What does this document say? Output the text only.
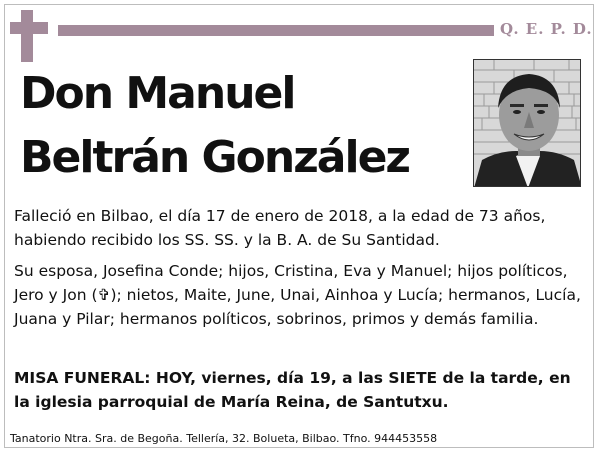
Q. E. P. D.
Don Manuel
Beltrán González
Falleció en Bilbao, el día 17 de enero de 2018, a la edad de 73 años, habiendo recibido los SS. SS. y la B. A. de Su Santidad.
Su esposa, Josefina Conde; hijos, Cristina, Eva y Manuel; hijos políticos, Jero y Jon (✞); nietos, Maite, June, Unai, Ainhoa y Lucía; hermanos, Lucía, Juana y Pilar; hermanos políticos, sobrinos, primos y demás familia.
MISA FUNERAL: HOY, viernes, día 19, a las SIETE de la tarde, en la iglesia parroquial de María Reina, de Santutxu.
Tanatorio Ntra. Sra. de Begoña. Tellería, 32. Bolueta, Bilbao. Tfno. 944453558
